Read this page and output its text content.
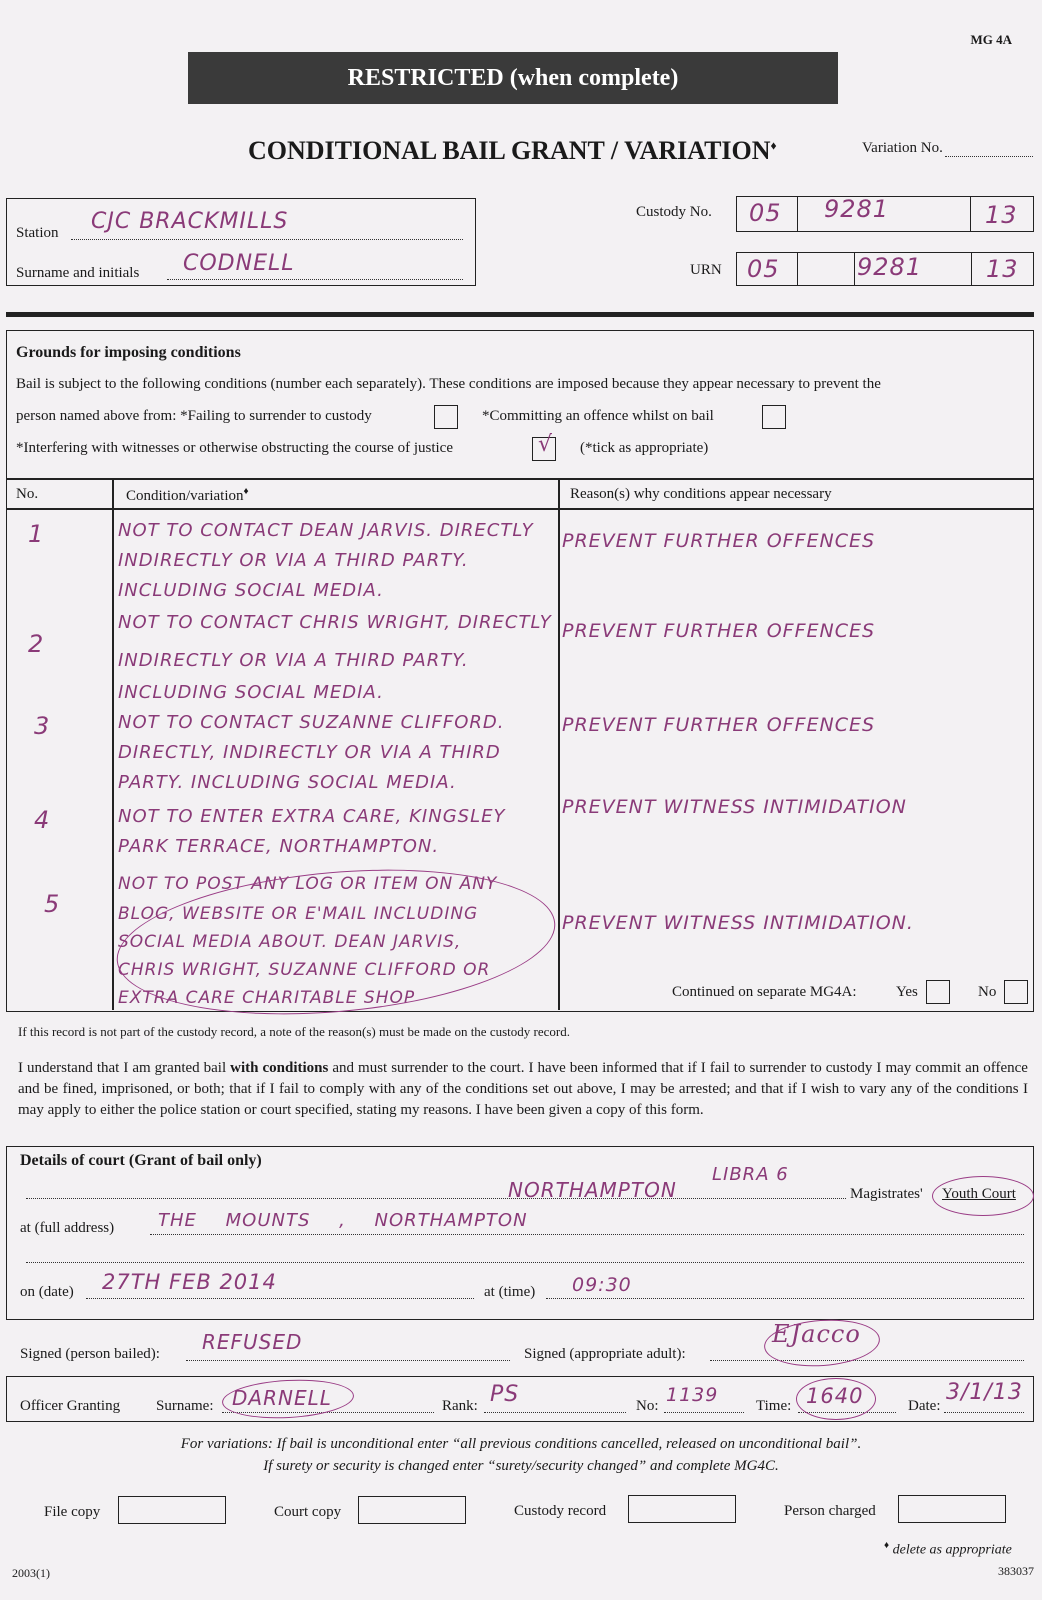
MG 4A
RESTRICTED (when complete)
CONDITIONAL BAIL GRANT / VARIATION♦	Variation No.
Station CJC BRACKMILLS
Surname and initials CODNELL
Custody No. 05 9281	13
URN 05	9281	13
Grounds for imposing conditions
Bail is subject to the following conditions (number each separately). These conditions are imposed because they appear necessary to prevent the
person named above from: *Failing to surrender to custody	*Committing an offence whilst on bail
*Interfering with witnesses or otherwise obstructing the course of justice	√ (*tick as appropriate)
No.	Condition/variation♦	Reason(s) why conditions appear necessary
1	NOT TO CONTACT DEAN JARVIS. DIRECTLY
INDIRECTLY OR VIA A THIRD PARTY.
INCLUDING SOCIAL MEDIA.
PREVENT FURTHER OFFENCES
2
NOT TO CONTACT CHRIS WRIGHT, DIRECTLY
INDIRECTLY OR VIA A THIRD PARTY.
INCLUDING SOCIAL MEDIA.
PREVENT FURTHER OFFENCES
3	NOT TO CONTACT SUZANNE CLIFFORD.
DIRECTLY, INDIRECTLY OR VIA A THIRD
PARTY. INCLUDING SOCIAL MEDIA.
PREVENT FURTHER OFFENCES
4	NOT TO ENTER EXTRA CARE, KINGSLEY
PARK TERRACE, NORTHAMPTON.
PREVENT WITNESS INTIMIDATION
5
NOT TO POST ANY LOG OR ITEM ON ANY
BLOG, WEBSITE OR E'MAIL INCLUDING
SOCIAL MEDIA ABOUT. DEAN JARVIS,
CHRIS WRIGHT, SUZANNE CLIFFORD OR
EXTRA CARE CHARITABLE SHOP
PREVENT WITNESS INTIMIDATION.
Continued on separate MG4A:	Yes	No
If this record is not part of the custody record, a note of the reason(s) must be made on the custody record.
I understand that I am granted bail with conditions and must surrender to the court. I have been informed that if I fail to surrender to custody I may commit an offence and be fined, imprisoned, or both; that if I fail to comply with any of the conditions set out above, I may be arrested; and that if I wish to vary any of the conditions I may apply to either the police station or court specified, stating my reasons. I have been given a copy of this form.
Details of court (Grant of bail only)
NORTHAMPTON
LIBRA 6
Magistrates' Youth Court
at (full address) THE MOUNTS , NORTHAMPTON
on (date) 27TH FEB 2014	at (time) 09:30
Signed (person bailed): REFUSED	Signed (appropriate adult):
EJacco
Officer Granting Surname: DARNELL	Rank: PS	No: 1139	Time: 1640	Date:
3/1/13
For variations: If bail is unconditional enter “all previous conditions cancelled, released on unconditional bail”.
If surety or security is changed enter “surety/security changed” and complete MG4C.
File copy	Court copy	Custody record	Person charged
♦ delete as appropriate
2003(1)	383037
